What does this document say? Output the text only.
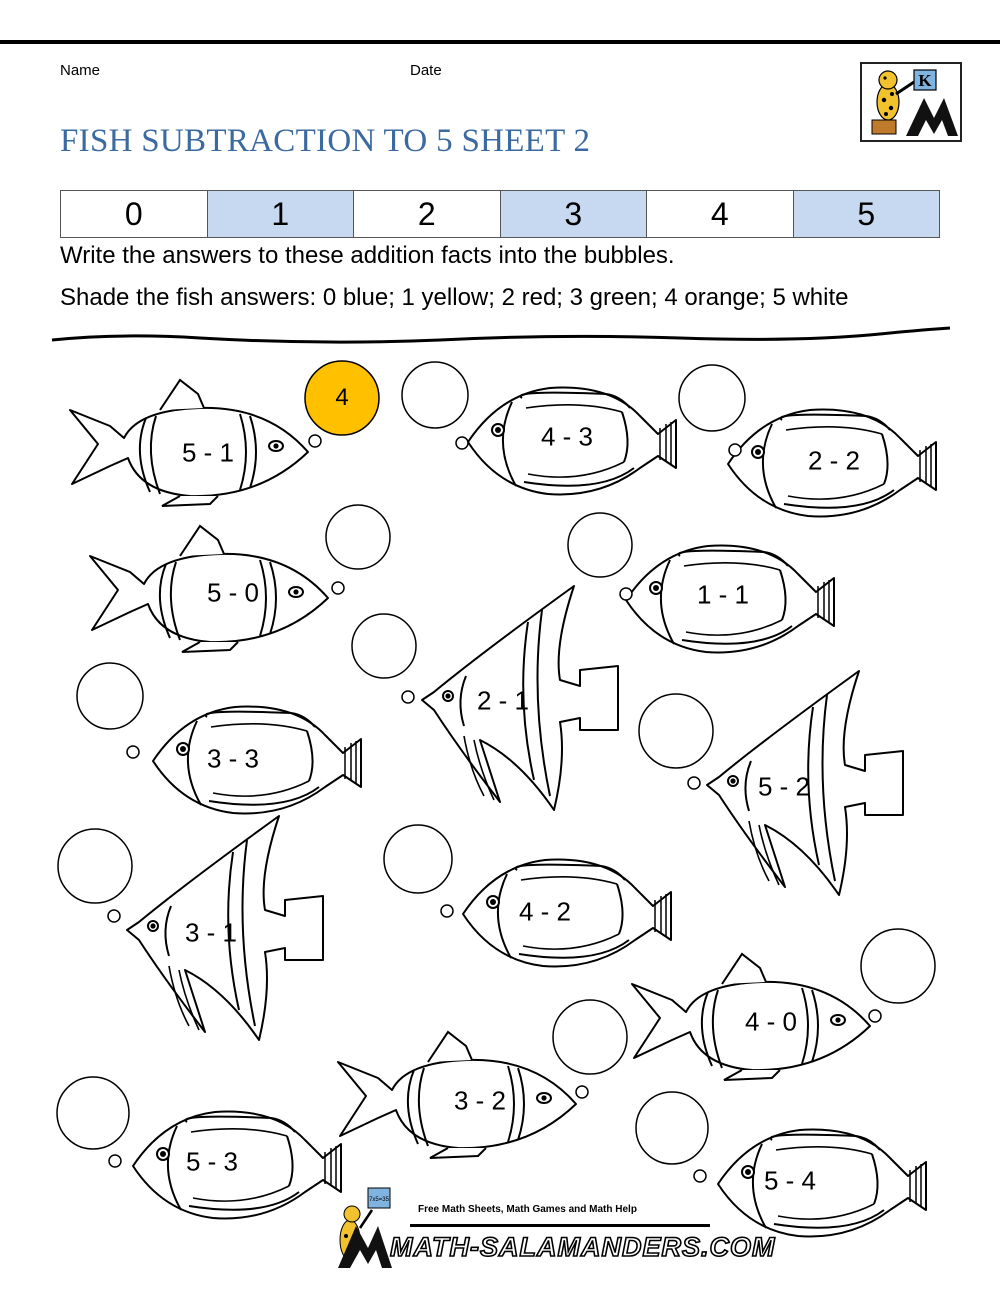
Name	Date
K
FISH SUBTRACTION TO 5 SHEET 2
0	1	2	3	4	5
Write the answers to these addition facts into the bubbles.
Shade the fish answers: 0 blue; 1 yellow; 2 red; 3 green; 4 orange; 5 white
7x5=35
5 - 1
4 - 3
2 - 2
5 - 0	1 - 1
2 - 1
3 - 3
5 - 2
3 - 1
4 - 2
4 - 0
3 - 2
5 - 3
5 - 4
4
Free Math Sheets, Math Games and Math Help
MATH-SALAMANDERS.COM
